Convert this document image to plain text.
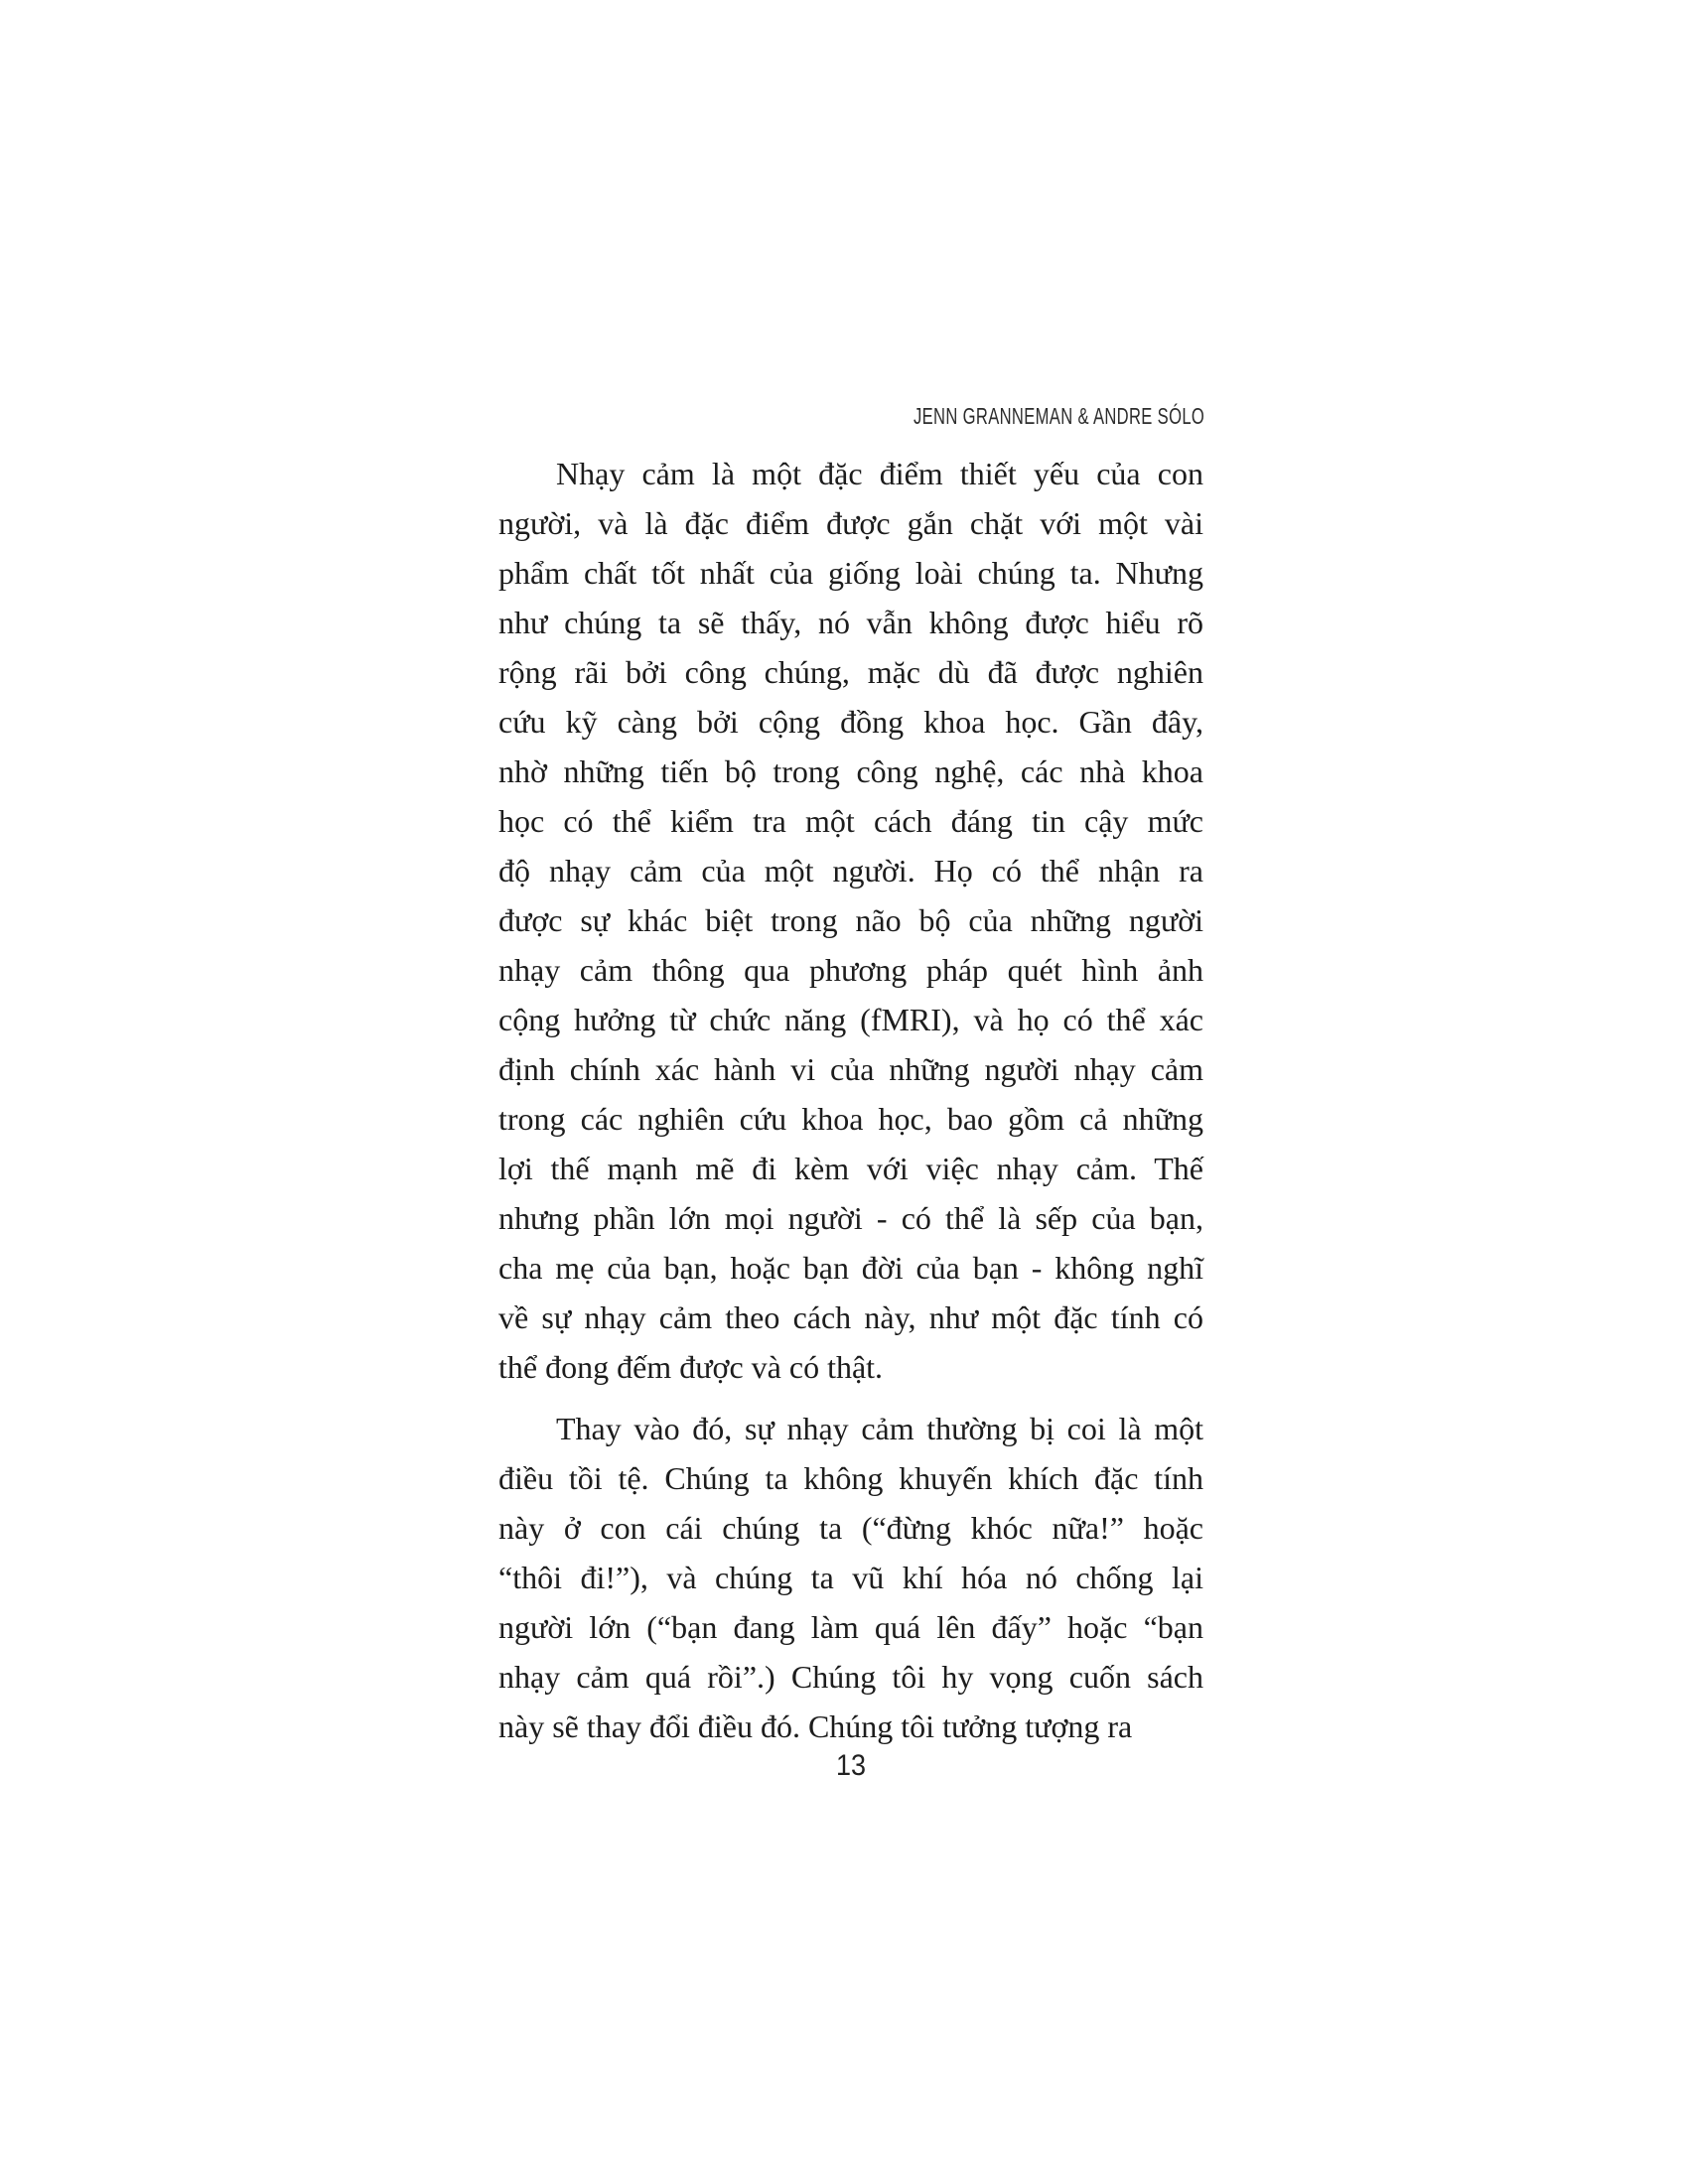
JENN GRANNEMAN & ANDRE SÓLO
Nhạy cảm là một đặc điểm thiết yếu của con
người, và là đặc điểm được gắn chặt với một vài
phẩm chất tốt nhất của giống loài chúng ta. Nhưng
như chúng ta sẽ thấy, nó vẫn không được hiểu rõ
rộng rãi bởi công chúng, mặc dù đã được nghiên
cứu kỹ càng bởi cộng đồng khoa học. Gần đây,
nhờ những tiến bộ trong công nghệ, các nhà khoa
học có thể kiểm tra một cách đáng tin cậy mức
độ nhạy cảm của một người. Họ có thể nhận ra
được sự khác biệt trong não bộ của những người
nhạy cảm thông qua phương pháp quét hình ảnh
cộng hưởng từ chức năng (fMRI), và họ có thể xác
định chính xác hành vi của những người nhạy cảm
trong các nghiên cứu khoa học, bao gồm cả những
lợi thế mạnh mẽ đi kèm với việc nhạy cảm. Thế
nhưng phần lớn mọi người - có thể là sếp của bạn,
cha mẹ của bạn, hoặc bạn đời của bạn - không nghĩ
về sự nhạy cảm theo cách này, như một đặc tính có
thể đong đếm được và có thật.
Thay vào đó, sự nhạy cảm thường bị coi là một
điều tồi tệ. Chúng ta không khuyến khích đặc tính
này ở con cái chúng ta (“đừng khóc nữa!” hoặc
“thôi đi!”), và chúng ta vũ khí hóa nó chống lại
người lớn (“bạn đang làm quá lên đấy” hoặc “bạn
nhạy cảm quá rồi”.) Chúng tôi hy vọng cuốn sách
này sẽ thay đổi điều đó. Chúng tôi tưởng tượng ra
13
